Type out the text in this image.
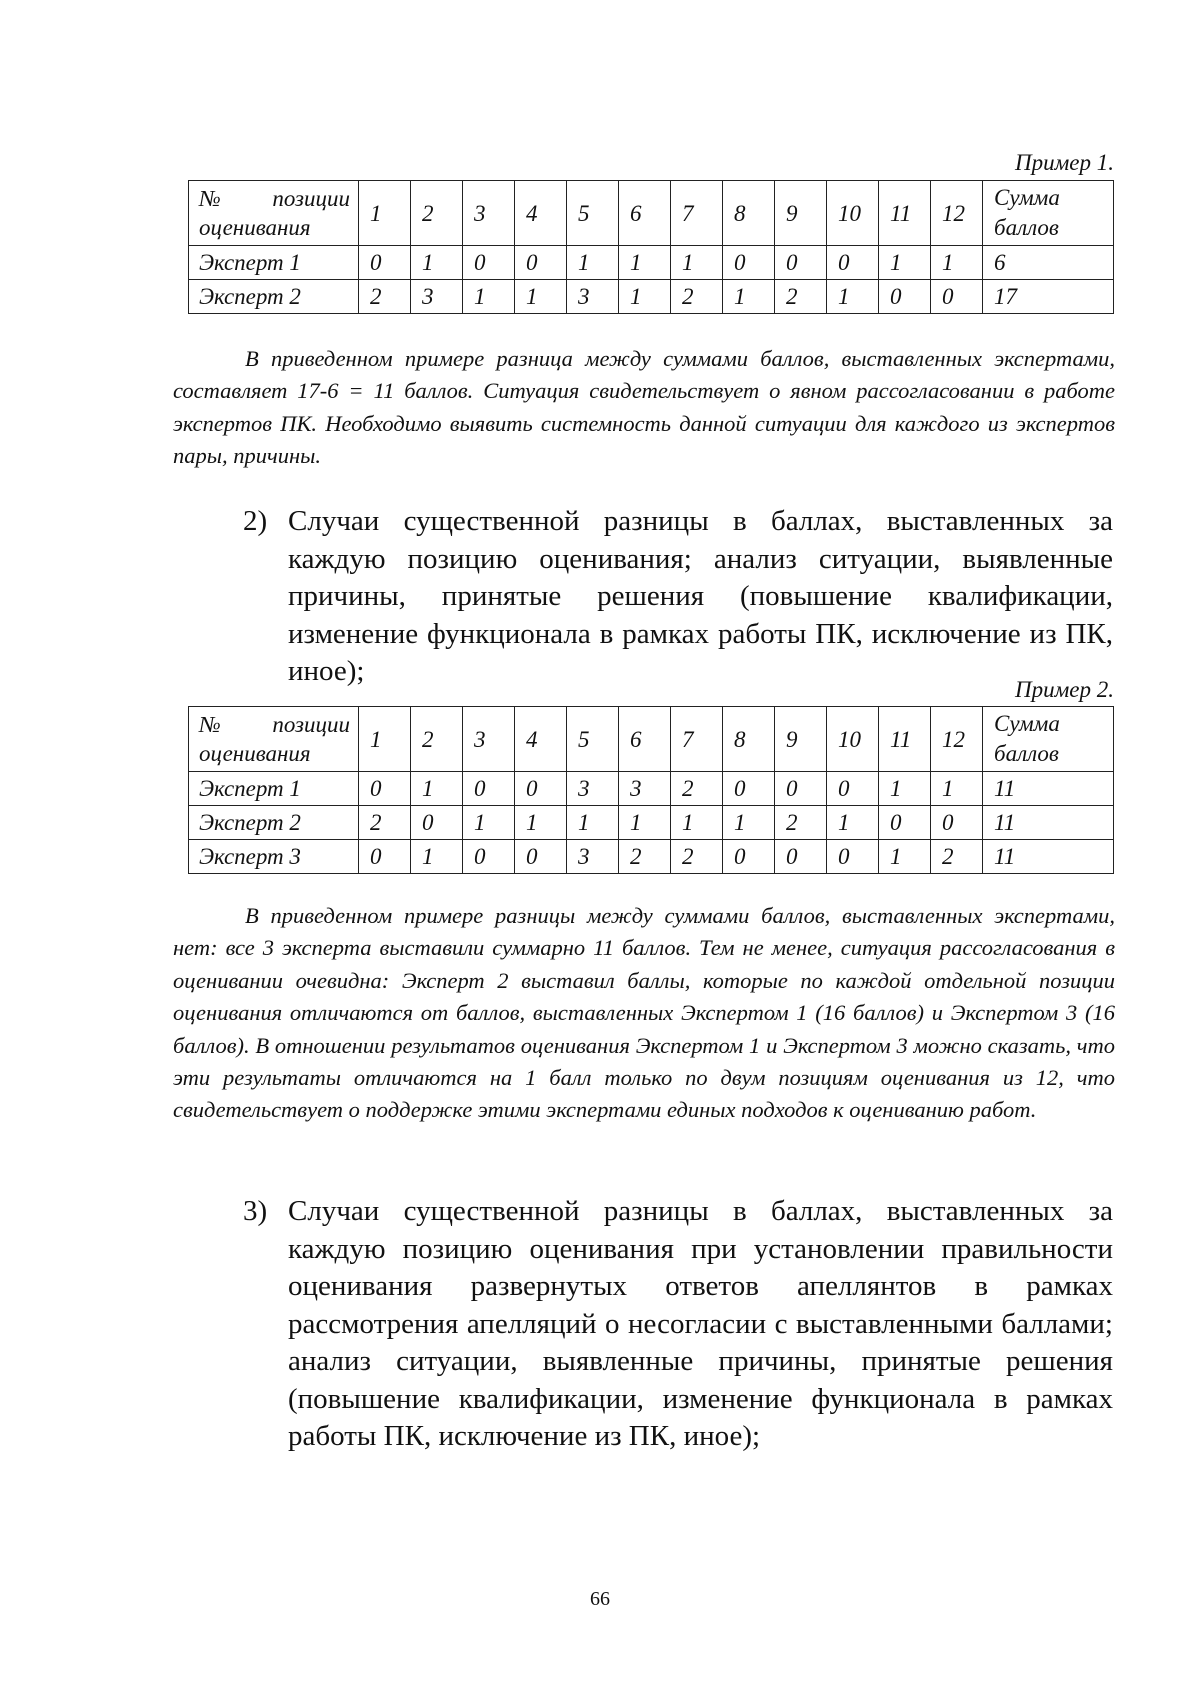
Пример 1.
№ позиции
оценивания	1	2	3	4	5	6	7	8	9	10	11	12	Сумма баллов
Эксперт 1	0	1	0	0	1	1	1	0	0	0	1	1	6
Эксперт 2	2	3	1	1	3	1	2	1	2	1	0	0	17

В приведенном примере разница между суммами баллов, выставленных экспертами, составляет 17-6 = 11 баллов. Ситуация свидетельствует о явном рассогласовании в работе экспертов ПК. Необходимо выявить системность данной ситуации для каждого из экспертов пары, причины.

2) Случаи существенной разницы в баллах, выставленных за каждую позицию оценивания; анализ ситуации, выявленные причины, принятые решения (повышение квалификации, изменение функционала в рамках работы ПК, исключение из ПК, иное);
Пример 2.
№ позиции
оценивания	1	2	3	4	5	6	7	8	9	10	11	12	Сумма баллов
Эксперт 1	0	1	0	0	3	3	2	0	0	0	1	1	11
Эксперт 2	2	0	1	1	1	1	1	1	2	1	0	0	11
Эксперт 3	0	1	0	0	3	2	2	0	0	0	1	2	11

В приведенном примере разницы между суммами баллов, выставленных экспертами, нет: все 3 эксперта выставили суммарно 11 баллов. Тем не менее, ситуация рассогласования в оценивании очевидна: Эксперт 2 выставил баллы, которые по каждой отдельной позиции оценивания отличаются от баллов, выставленных Экспертом 1 (16 баллов) и Экспертом 3 (16 баллов). В отношении результатов оценивания Экспертом 1 и Экспертом 3 можно сказать, что эти результаты отличаются на 1 балл только по двум позициям оценивания из 12, что свидетельствует о поддержке этими экспертами единых подходов к оцениванию работ.

3) Случаи существенной разницы в баллах, выставленных за каждую позицию оценивания при установлении правильности оценивания развернутых ответов апеллянтов в рамках рассмотрения апелляций о несогласии с выставленными баллами; анализ ситуации, выявленные причины, принятые решения (повышение квалификации, изменение функционала в рамках работы ПК, исключение из ПК, иное);
66
